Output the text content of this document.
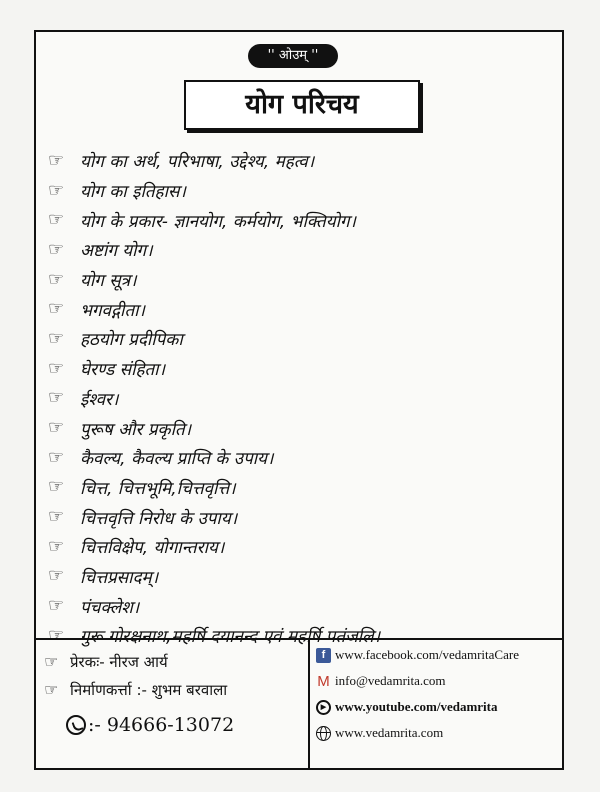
'' ओउम् ''
योग परिचय
☞ योग का अर्थ, परिभाषा, उद्देश्य, महत्व।
☞ योग का इतिहास।
☞ योग के प्रकार- ज्ञानयोग, कर्मयोग, भक्तियोग।
☞ अष्टांग योग।
☞ योग सूत्र।
☞ भगवद्गीता।
☞ हठयोग प्रदीपिका
☞ घेरण्ड संहिता।
☞ ईश्वर।
☞ पुरूष और प्रकृति।
☞ कैवल्य, कैवल्य प्राप्ति के उपाय।
☞ चित्त, चित्तभूमि,चित्तवृत्ति।
☞ चित्तवृत्ति निरोध के उपाय।
☞ चित्तविक्षेप, योगान्तराय।
☞ चित्तप्रसादम्।
☞ पंचक्लेश।
☞ गुरू गोरक्षनाथ,महर्षि दयानन्द एवं महर्षि पतंजलि।
☞ प्रेरकः- नीरज आर्य
☞ निर्माणकर्त्ता :- शुभम बरवाला
:- 94666-13072
f www.facebook.com/vedamritaCare
M info@vedamrita.com
▶ www.youtube.com/vedamrita
www.vedamrita.com
